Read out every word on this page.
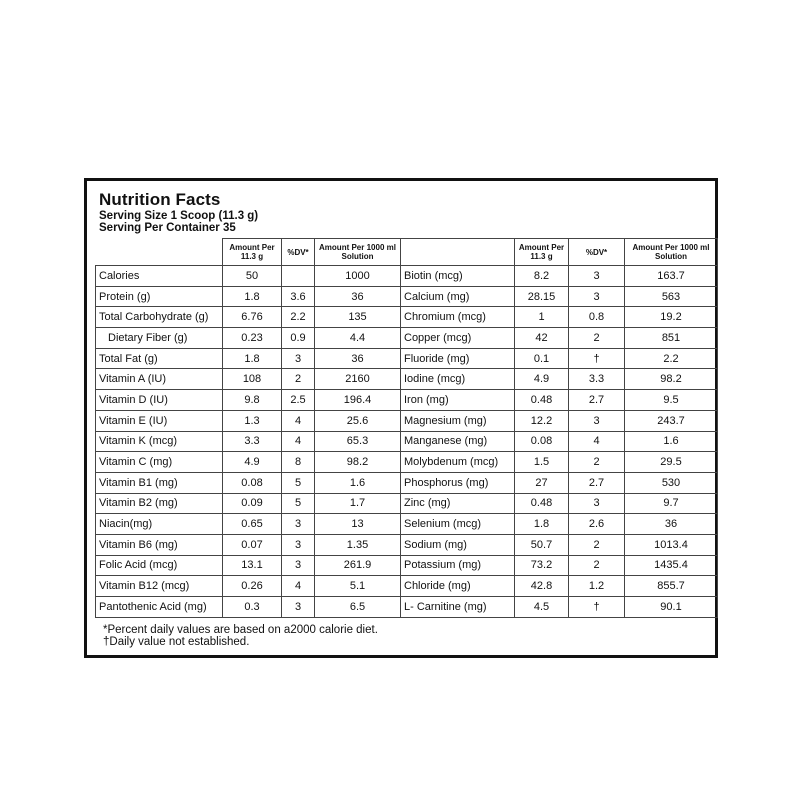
Nutrition Facts
Serving Size 1 Scoop (11.3 g)
Serving Per Container 35
	Amount Per 11.3 g	%DV*	Amount Per 1000 ml Solution		Amount Per 11.3 g	%DV*	Amount Per 1000 ml Solution
Calories	50		1000	Biotin (mcg)	8.2	3	163.7
Protein (g)	1.8	3.6	36	Calcium (mg)	28.15	3	563
Total Carbohydrate (g)	6.76	2.2	135	Chromium (mcg)	1	0.8	19.2
Dietary Fiber (g)	0.23	0.9	4.4	Copper (mcg)	42	2	851
Total Fat (g)	1.8	3	36	Fluoride (mg)	0.1	†	2.2
Vitamin A (IU)	108	2	2160	Iodine (mcg)	4.9	3.3	98.2
Vitamin D (IU)	9.8	2.5	196.4	Iron (mg)	0.48	2.7	9.5
Vitamin E (IU)	1.3	4	25.6	Magnesium (mg)	12.2	3	243.7
Vitamin K (mcg)	3.3	4	65.3	Manganese (mg)	0.08	4	1.6
Vitamin C (mg)	4.9	8	98.2	Molybdenum (mcg)	1.5	2	29.5
Vitamin B1 (mg)	0.08	5	1.6	Phosphorus (mg)	27	2.7	530
Vitamin B2 (mg)	0.09	5	1.7	Zinc (mg)	0.48	3	9.7
Niacin(mg)	0.65	3	13	Selenium (mcg)	1.8	2.6	36
Vitamin B6 (mg)	0.07	3	1.35	Sodium (mg)	50.7	2	1013.4
Folic Acid (mcg)	13.1	3	261.9	Potassium (mg)	73.2	2	1435.4
Vitamin B12 (mcg)	0.26	4	5.1	Chloride (mg)	42.8	1.2	855.7
Pantothenic Acid (mg)	0.3	3	6.5	L- Carnitine (mg)	4.5	†	90.1
*Percent daily values are based on a2000 calorie diet.
†Daily value not established.
